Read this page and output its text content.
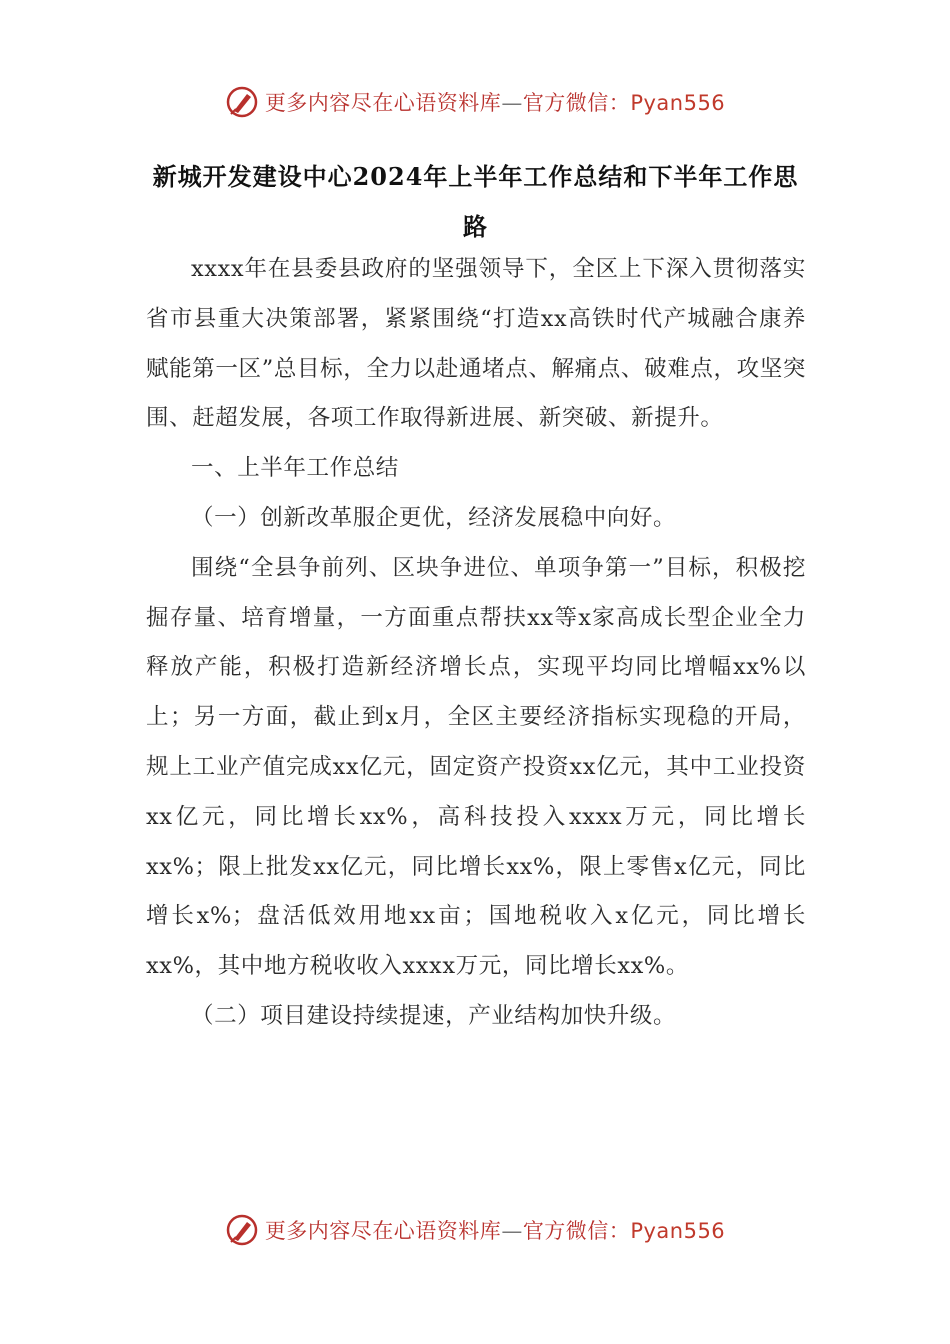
更多内容尽在心语资料库—官方微信：Pyan556
新城开发建设中心2024年上半年工作总结和下半年工作思路

xxxx年在县委县政府的坚强领导下，全区上下深入贯彻落实省市县重大决策部署，紧紧围绕“打造xx高铁时代产城融合康养赋能第一区”总目标，全力以赴通堵点、解痛点、破难点，攻坚突围、赶超发展，各项工作取得新进展、新突破、新提升。

一、上半年工作总结

（一）创新改革服企更优，经济发展稳中向好。

围绕“全县争前列、区块争进位、单项争第一”目标，积极挖掘存量、培育增量，一方面重点帮扶xx等x家高成长型企业全力释放产能，积极打造新经济增长点，实现平均同比增幅xx%以上；另一方面，截止到x月，全区主要经济指标实现稳的开局，规上工业产值完成xx亿元，固定资产投资xx亿元，其中工业投资xx亿元，同比增长xx%，高科技投入xxxx万元，同比增长xx%；限上批发xx亿元，同比增长xx%，限上零售x亿元，同比增长x%；盘活低效用地xx亩；国地税收入x亿元，同比增长xx%，其中地方税收收入xxxx万元，同比增长xx%。

（二）项目建设持续提速，产业结构加快升级。

更多内容尽在心语资料库—官方微信：Pyan556
